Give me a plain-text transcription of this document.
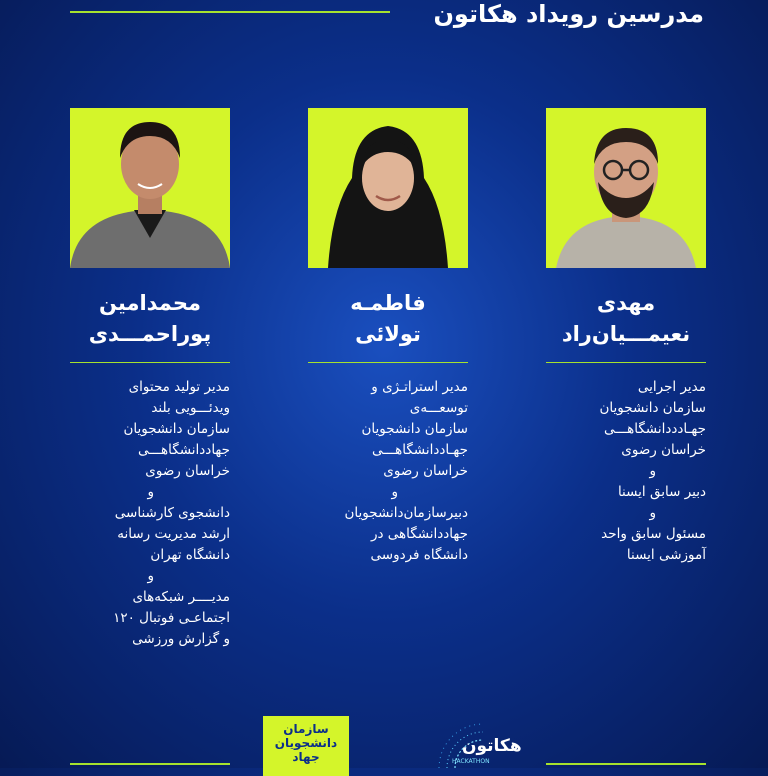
مدرسین رویداد هکاتون
مهدی
نعیمـــیان‌راد

مدیر اجرایی

سازمان دانشجویان

جهـادددانشگاهـــی

خراسان رضوی

و

دبیر سابق ایسنا

و

مسئول سابق واحد

آموزشی ایسنا

فاطمـه
تولائی

مدیر استراتـژی و

توسعـــه‌ی

سازمان دانشجویان

جهـاددانشگاهـــی

خراسان رضوی

و

دبیرسازمان‌دانشجویان

جهاددانشگاهی در

دانشگاه فردوسی

محمدامین
پوراحمـــدی

مدیر تولید محتوای

ویدئـــویی بلند

سازمان دانشجویان

جهاددانشگاهـــی

خراسان رضوی

و

دانشجوی کارشناسی

ارشد مدیریت رسانه

دانشگاه تهران

و

مدیــــر شبکه‌های

اجتماعـی فوتبال ۱۲۰

و گزارش ورزشی

سازمان
دانشجویان
جهاد
هکاتون
HACKATHON
